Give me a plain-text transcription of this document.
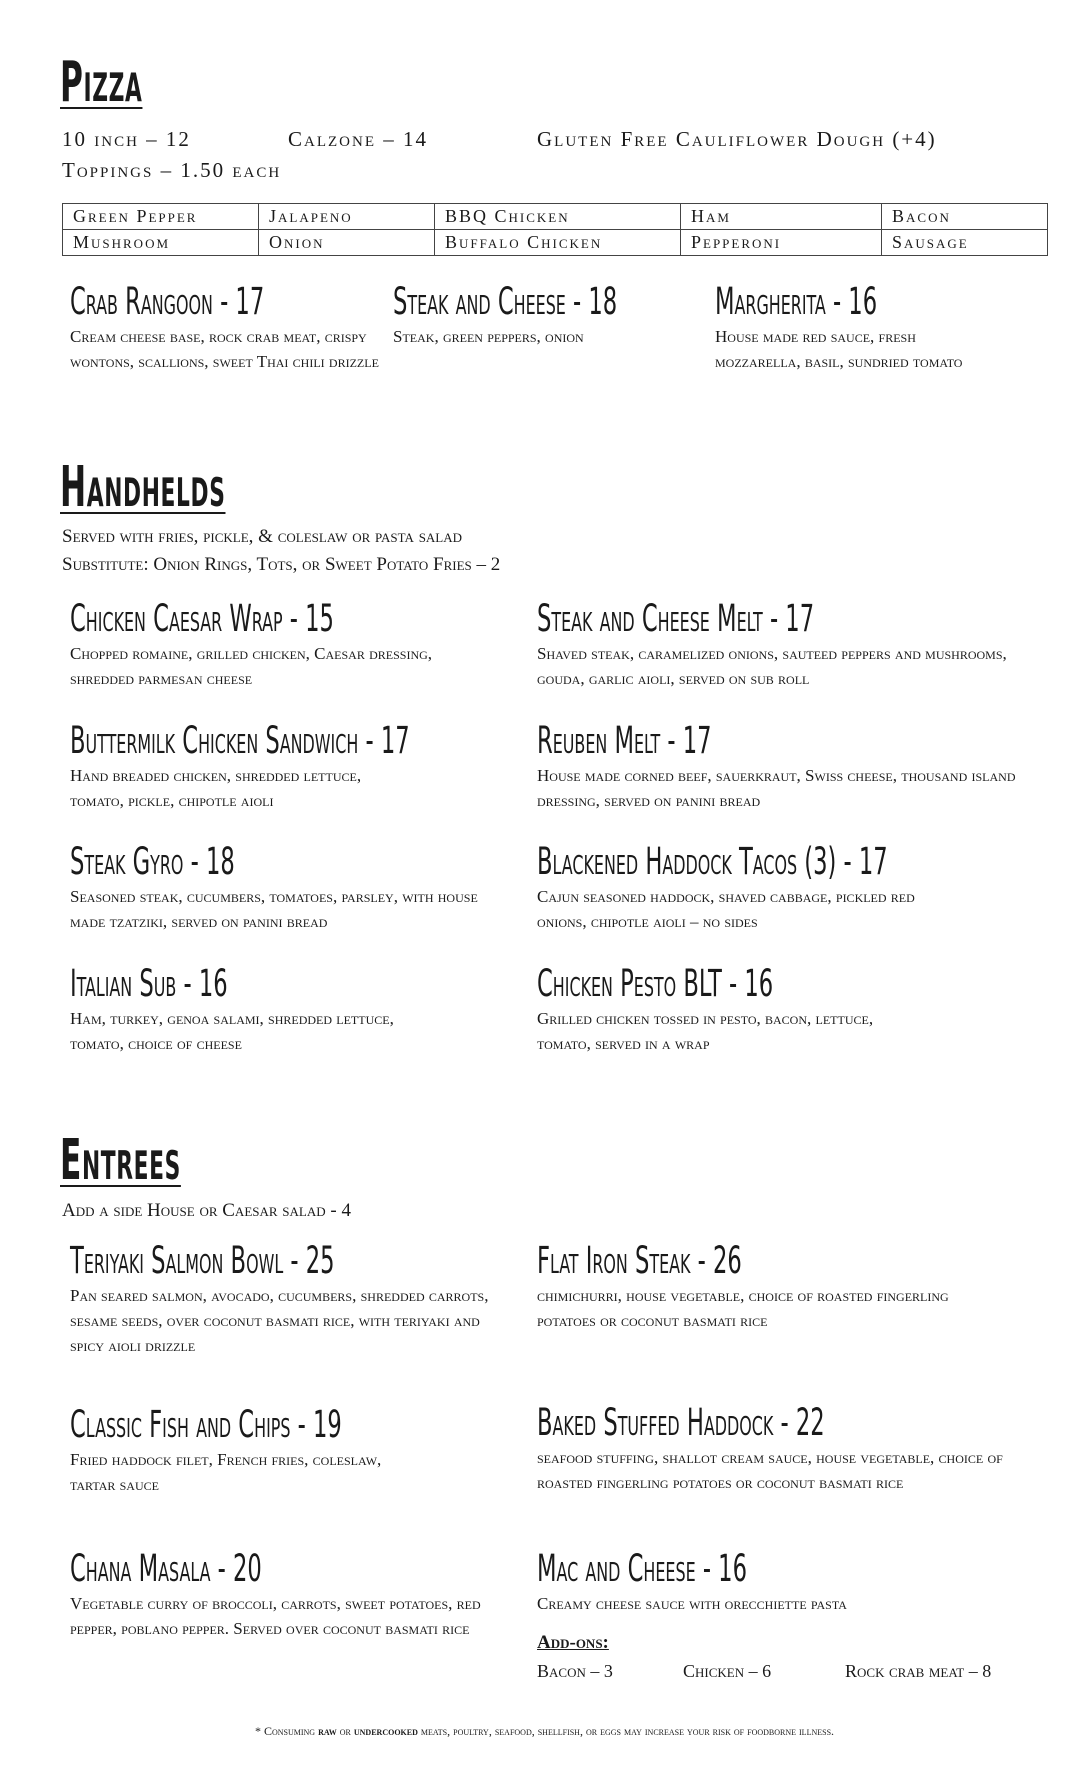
Pizza
10 inch – 12	Calzone – 14	Gluten Free Cauliflower Dough (+4)
Toppings – 1.50 each
Green Pepper	Jalapeno	BBQ Chicken	Ham	Bacon
Mushroom	Onion	Buffalo Chicken	Pepperoni	Sausage
Crab Rangoon - 17
Cream cheese base, rock crab meat, crispy wontons, scallions, sweet Thai chili drizzle
Steak and Cheese - 18
Steak, green peppers, onion
Margherita - 16
House made red sauce, fresh mozzarella, basil, sundried tomato
Handhelds
Served with fries, pickle, & coleslaw or pasta salad
Substitute: Onion Rings, Tots, or Sweet Potato Fries – 2
Chicken Caesar Wrap - 15
Chopped romaine, grilled chicken, Caesar dressing, shredded parmesan cheese
Steak and Cheese Melt - 17
Shaved steak, caramelized onions, sauteed peppers and mushrooms, gouda, garlic aioli, served on sub roll
Buttermilk Chicken Sandwich - 17
Hand breaded chicken, shredded lettuce, tomato, pickle, chipotle aioli
Reuben Melt - 17
House made corned beef, sauerkraut, Swiss cheese, thousand island dressing, served on panini bread
Steak Gyro - 18
Seasoned steak, cucumbers, tomatoes, parsley, with house made tzatziki, served on panini bread
Blackened Haddock Tacos (3) - 17
Cajun seasoned haddock, shaved cabbage, pickled red onions, chipotle aioli – no sides
Italian Sub - 16
Ham, turkey, genoa salami, shredded lettuce, tomato, choice of cheese
Chicken Pesto BLT - 16
Grilled chicken tossed in pesto, bacon, lettuce, tomato, served in a wrap
Entrees
Add a side House or Caesar salad - 4
Teriyaki Salmon Bowl - 25
Pan seared salmon, avocado, cucumbers, shredded carrots, sesame seeds, over coconut basmati rice, with teriyaki and spicy aioli drizzle
Flat Iron Steak - 26
chimichurri, house vegetable, choice of roasted fingerling potatoes or coconut basmati rice
Classic Fish and Chips - 19
Fried haddock filet, French fries, coleslaw, tartar sauce
Baked Stuffed Haddock - 22
seafood stuffing, shallot cream sauce, house vegetable, choice of roasted fingerling potatoes or coconut basmati rice
Chana Masala - 20
Vegetable curry of broccoli, carrots, sweet potatoes, red pepper, poblano pepper. Served over coconut basmati rice
Mac and Cheese - 16
Creamy cheese sauce with orecchiette pasta
Add-ons:
Bacon – 3	Chicken – 6	Rock crab meat – 8
* Consuming raw or undercooked meats, poultry, seafood, shellfish, or eggs may increase your risk of foodborne illness.
